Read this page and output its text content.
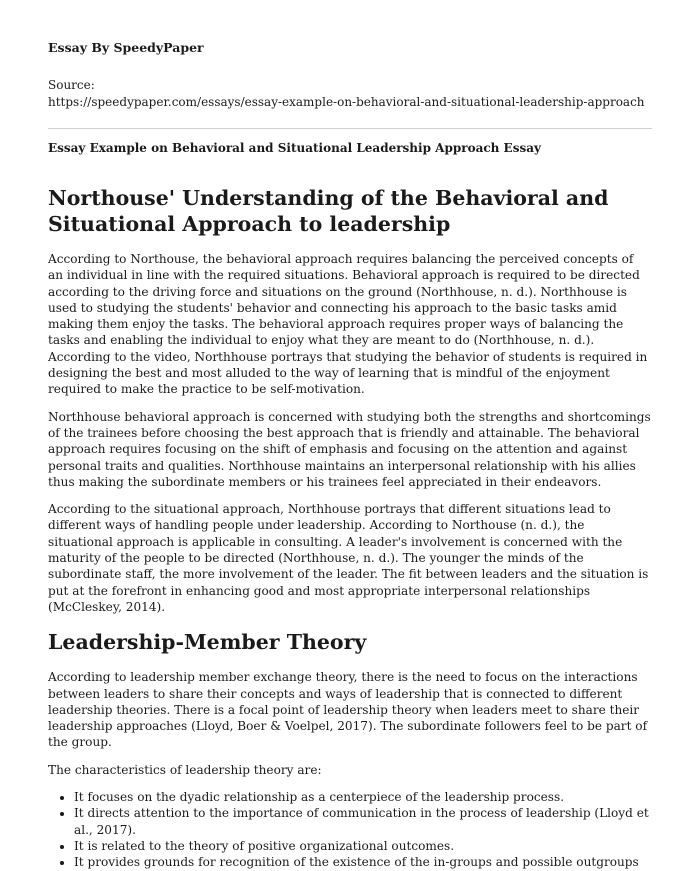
Essay By SpeedyPaper

Source:

https://speedypaper.com/essays/essay-example-on-behavioral-and-situational-leadership-approach

Essay Example on Behavioral and Situational Leadership Approach Essay
Northouse' Understanding of the Behavioral and Situational Approach to leadership

According to Northouse, the behavioral approach requires balancing the perceived concepts of an individual in line with the required situations. Behavioral approach is required to be directed according to the driving force and situations on the ground (Northhouse, n. d.). Northhouse is used to studying the students' behavior and connecting his approach to the basic tasks amid making them enjoy the tasks. The behavioral approach requires proper ways of balancing the tasks and enabling the individual to enjoy what they are meant to do (Northhouse, n. d.). According to the video, Northhouse portrays that studying the behavior of students is required in designing the best and most alluded to the way of learning that is mindful of the enjoyment required to make the practice to be self-motivation.

Northhouse behavioral approach is concerned with studying both the strengths and shortcomings of the trainees before choosing the best approach that is friendly and attainable. The behavioral approach requires focusing on the shift of emphasis and focusing on the attention and against personal traits and qualities. Northhouse maintains an interpersonal relationship with his allies thus making the subordinate members or his trainees feel appreciated in their endeavors.

According to the situational approach, Northhouse portrays that different situations lead to different ways of handling people under leadership. According to Northouse (n. d.), the situational approach is applicable in consulting. A leader's involvement is concerned with the maturity of the people to be directed (Northhouse, n. d.). The younger the minds of the subordinate staff, the more involvement of the leader. The fit between leaders and the situation is put at the forefront in enhancing good and most appropriate interpersonal relationships (McCleskey, 2014).

Leadership-Member Theory

According to leadership member exchange theory, there is the need to focus on the interactions between leaders to share their concepts and ways of leadership that is connected to different leadership theories. There is a focal point of leadership theory when leaders meet to share their leadership approaches (Lloyd, Boer & Voelpel, 2017). The subordinate followers feel to be part of the group.

The characteristics of leadership theory are:

• It focuses on the dyadic relationship as a centerpiece of the leadership process.
• It directs attention to the importance of communication in the process of leadership (Lloyd et al., 2017).
• It is related to the theory of positive organizational outcomes.
• It provides grounds for recognition of the existence of the in-groups and possible outgroups
